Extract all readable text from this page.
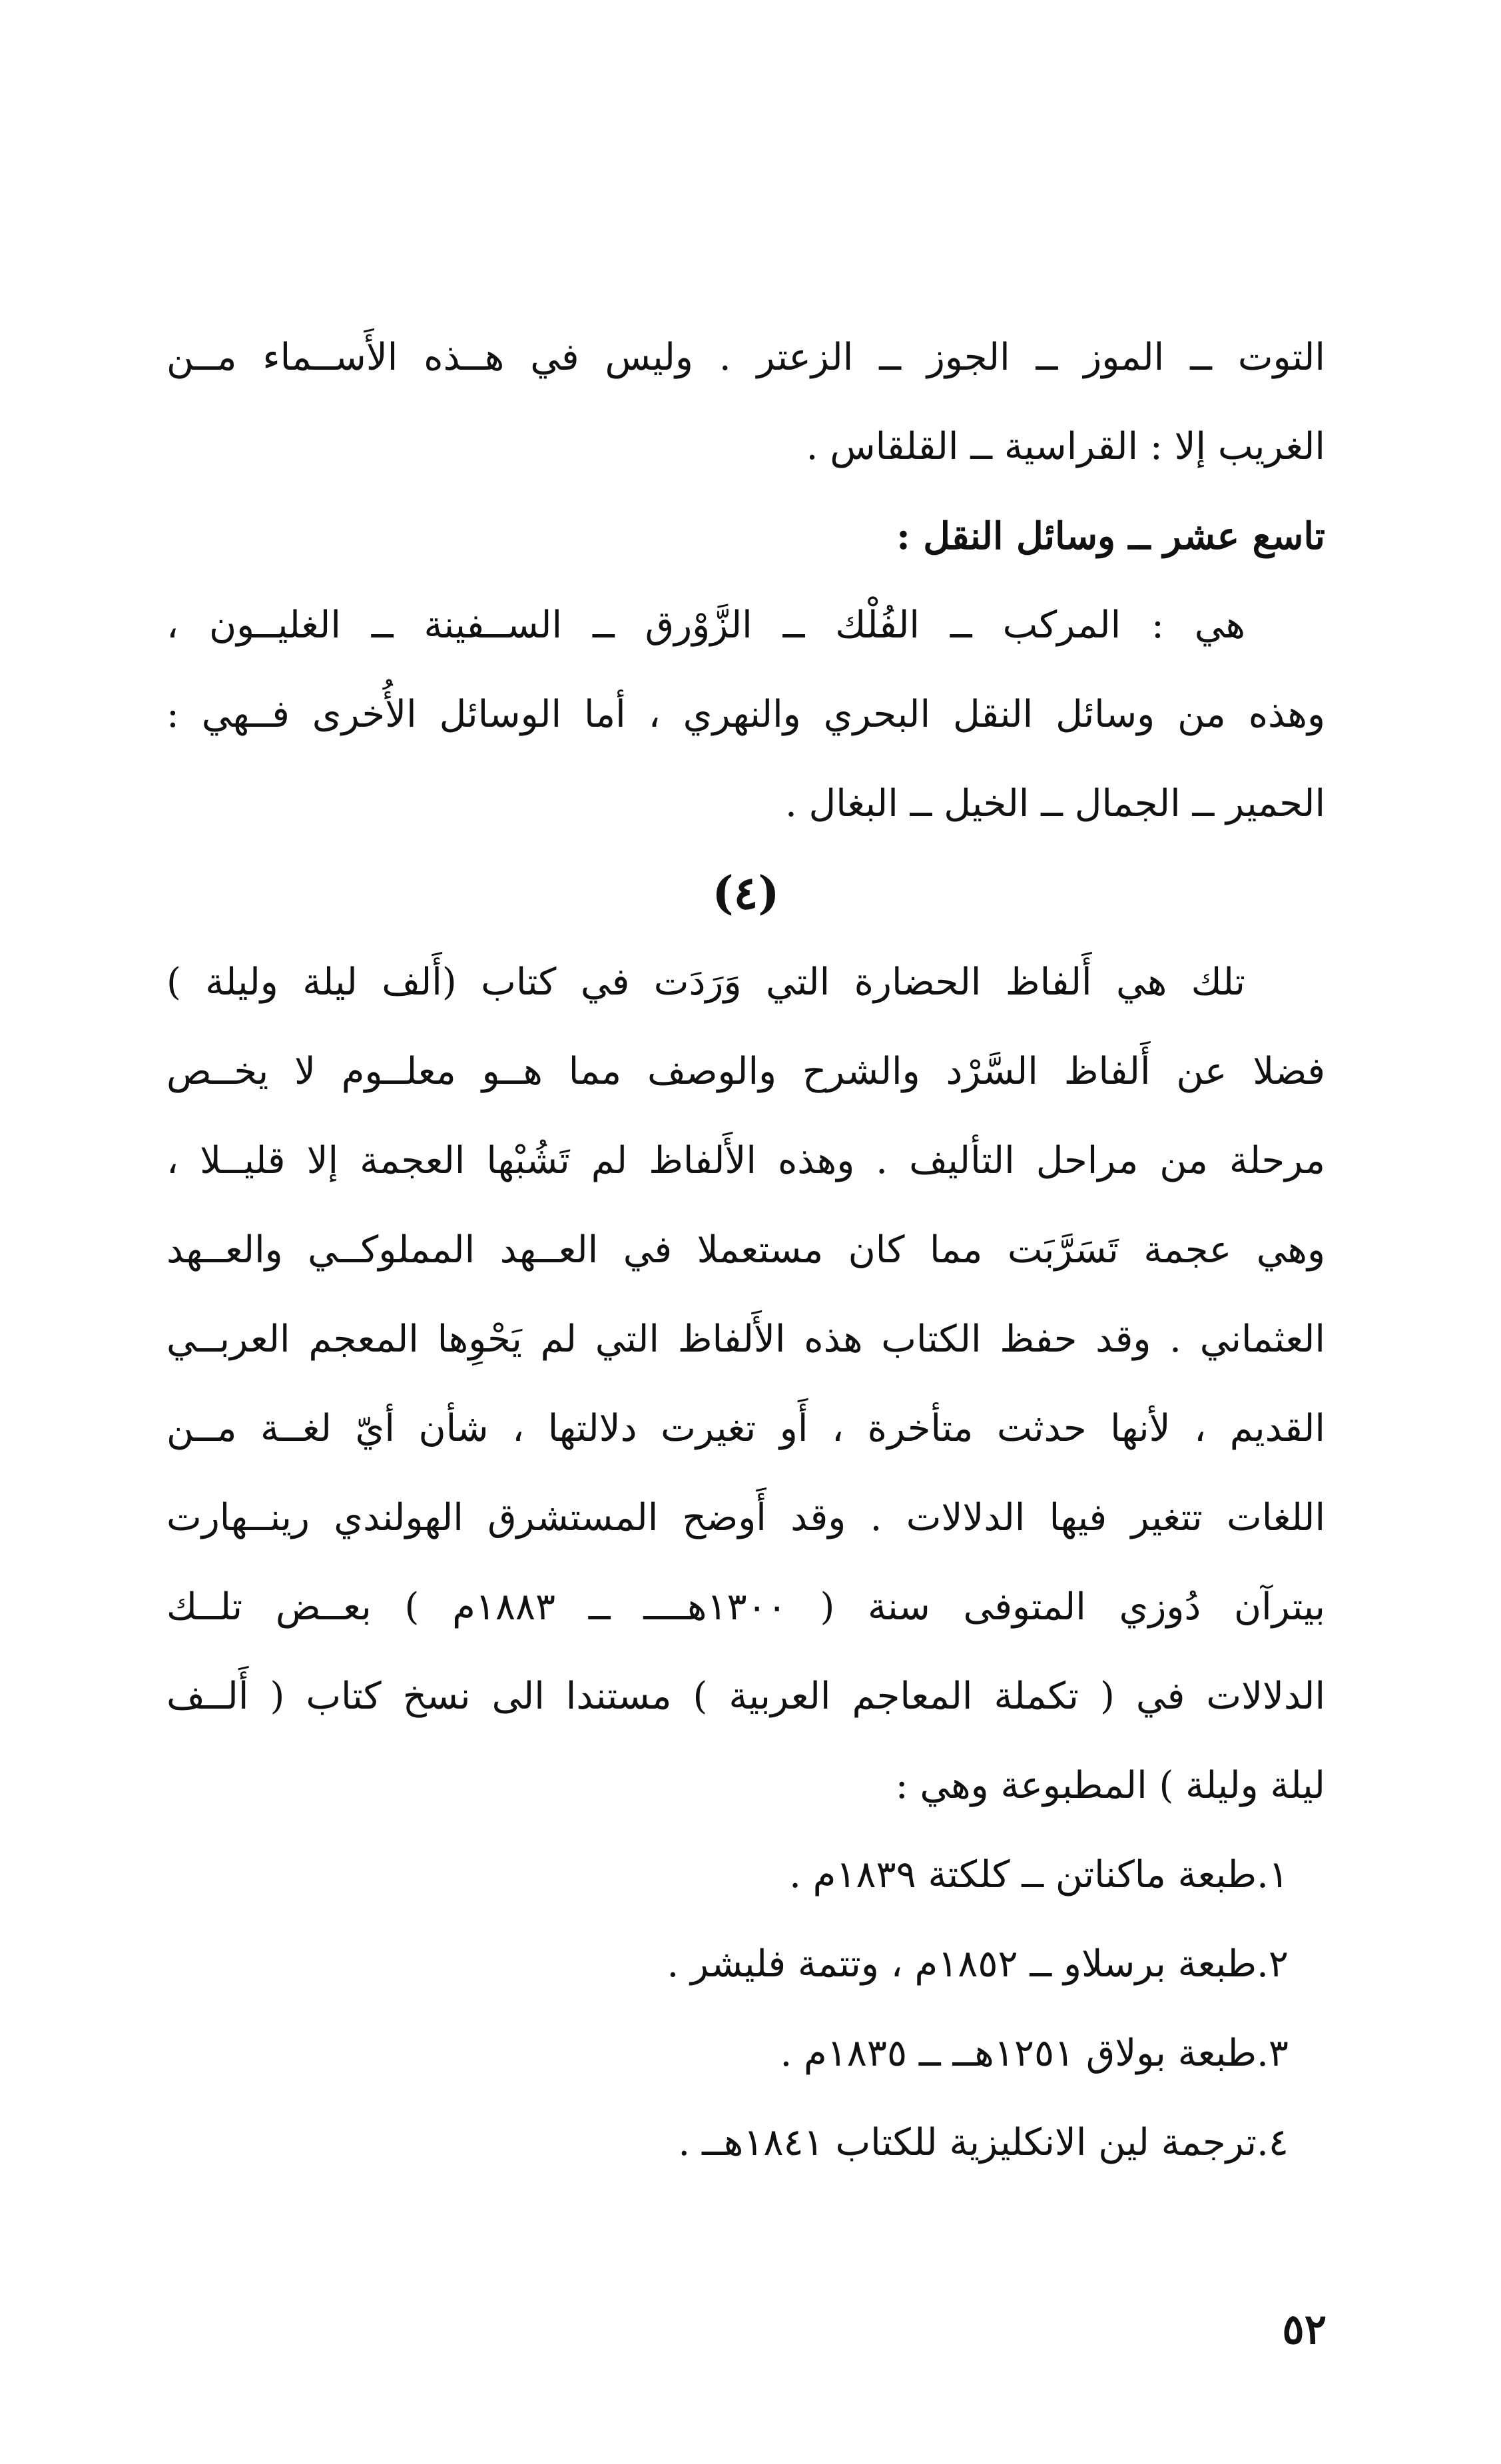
التوت ــ الموز ــ الجوز ــ الزعتر . وليس في هــذه الأَســماء مــن
الغريب إلا : القراسية ــ القلقاس .
تاسع عشر ــ وسائل النقل :
هي : المركب ــ الفُلْك ــ الزَّوْرق ــ الســفينة ــ الغليــون ،
وهذه من وسائل النقل البحري والنهري ، أما الوسائل الأُخرى فــهي :
الحمير ــ الجمال ــ الخيل ــ البغال .
(٤)
تلك هي أَلفاظ الحضارة التي وَرَدَت في كتاب (أَلف ليلة وليلة )
فضلا عن أَلفاظ السَّرْد والشرح والوصف مما هــو معلــوم لا يخــص
مرحلة من مراحل التأليف . وهذه الأَلفاظ لم تَشُبْها العجمة إلا قليــلا ،
وهي عجمة تَسَرَّبَت مما كان مستعملا في العــهد المملوكــي والعــهد
العثماني . وقد حفظ الكتاب هذه الأَلفاظ التي لم يَحْوِها المعجم العربــي
القديم ، لأنها حدثت متأخرة ، أَو تغيرت دلالتها ، شأن أيّ لغــة مــن
اللغات تتغير فيها الدلالات . وقد أَوضح المستشرق الهولندي رينــهارت
بيترآن دُوزي المتوفى سنة ( ١٣٠٠هــــ ــ ١٨٨٣م ) بعــض تلــك
الدلالات في ( تكملة المعاجم العربية ) مستندا الى نسخ كتاب ( أَلــف
ليلة وليلة ) المطبوعة وهي :
١.طبعة ماكناتن ــ كلكتة ١٨٣٩م .
٢.طبعة برسلاو ــ ١٨٥٢م ، وتتمة فليشر .
٣.طبعة بولاق ١٢٥١هــ ــ ١٨٣٥م .
٤.ترجمة لين الانكليزية للكتاب ١٨٤١هــ .
٥٢
